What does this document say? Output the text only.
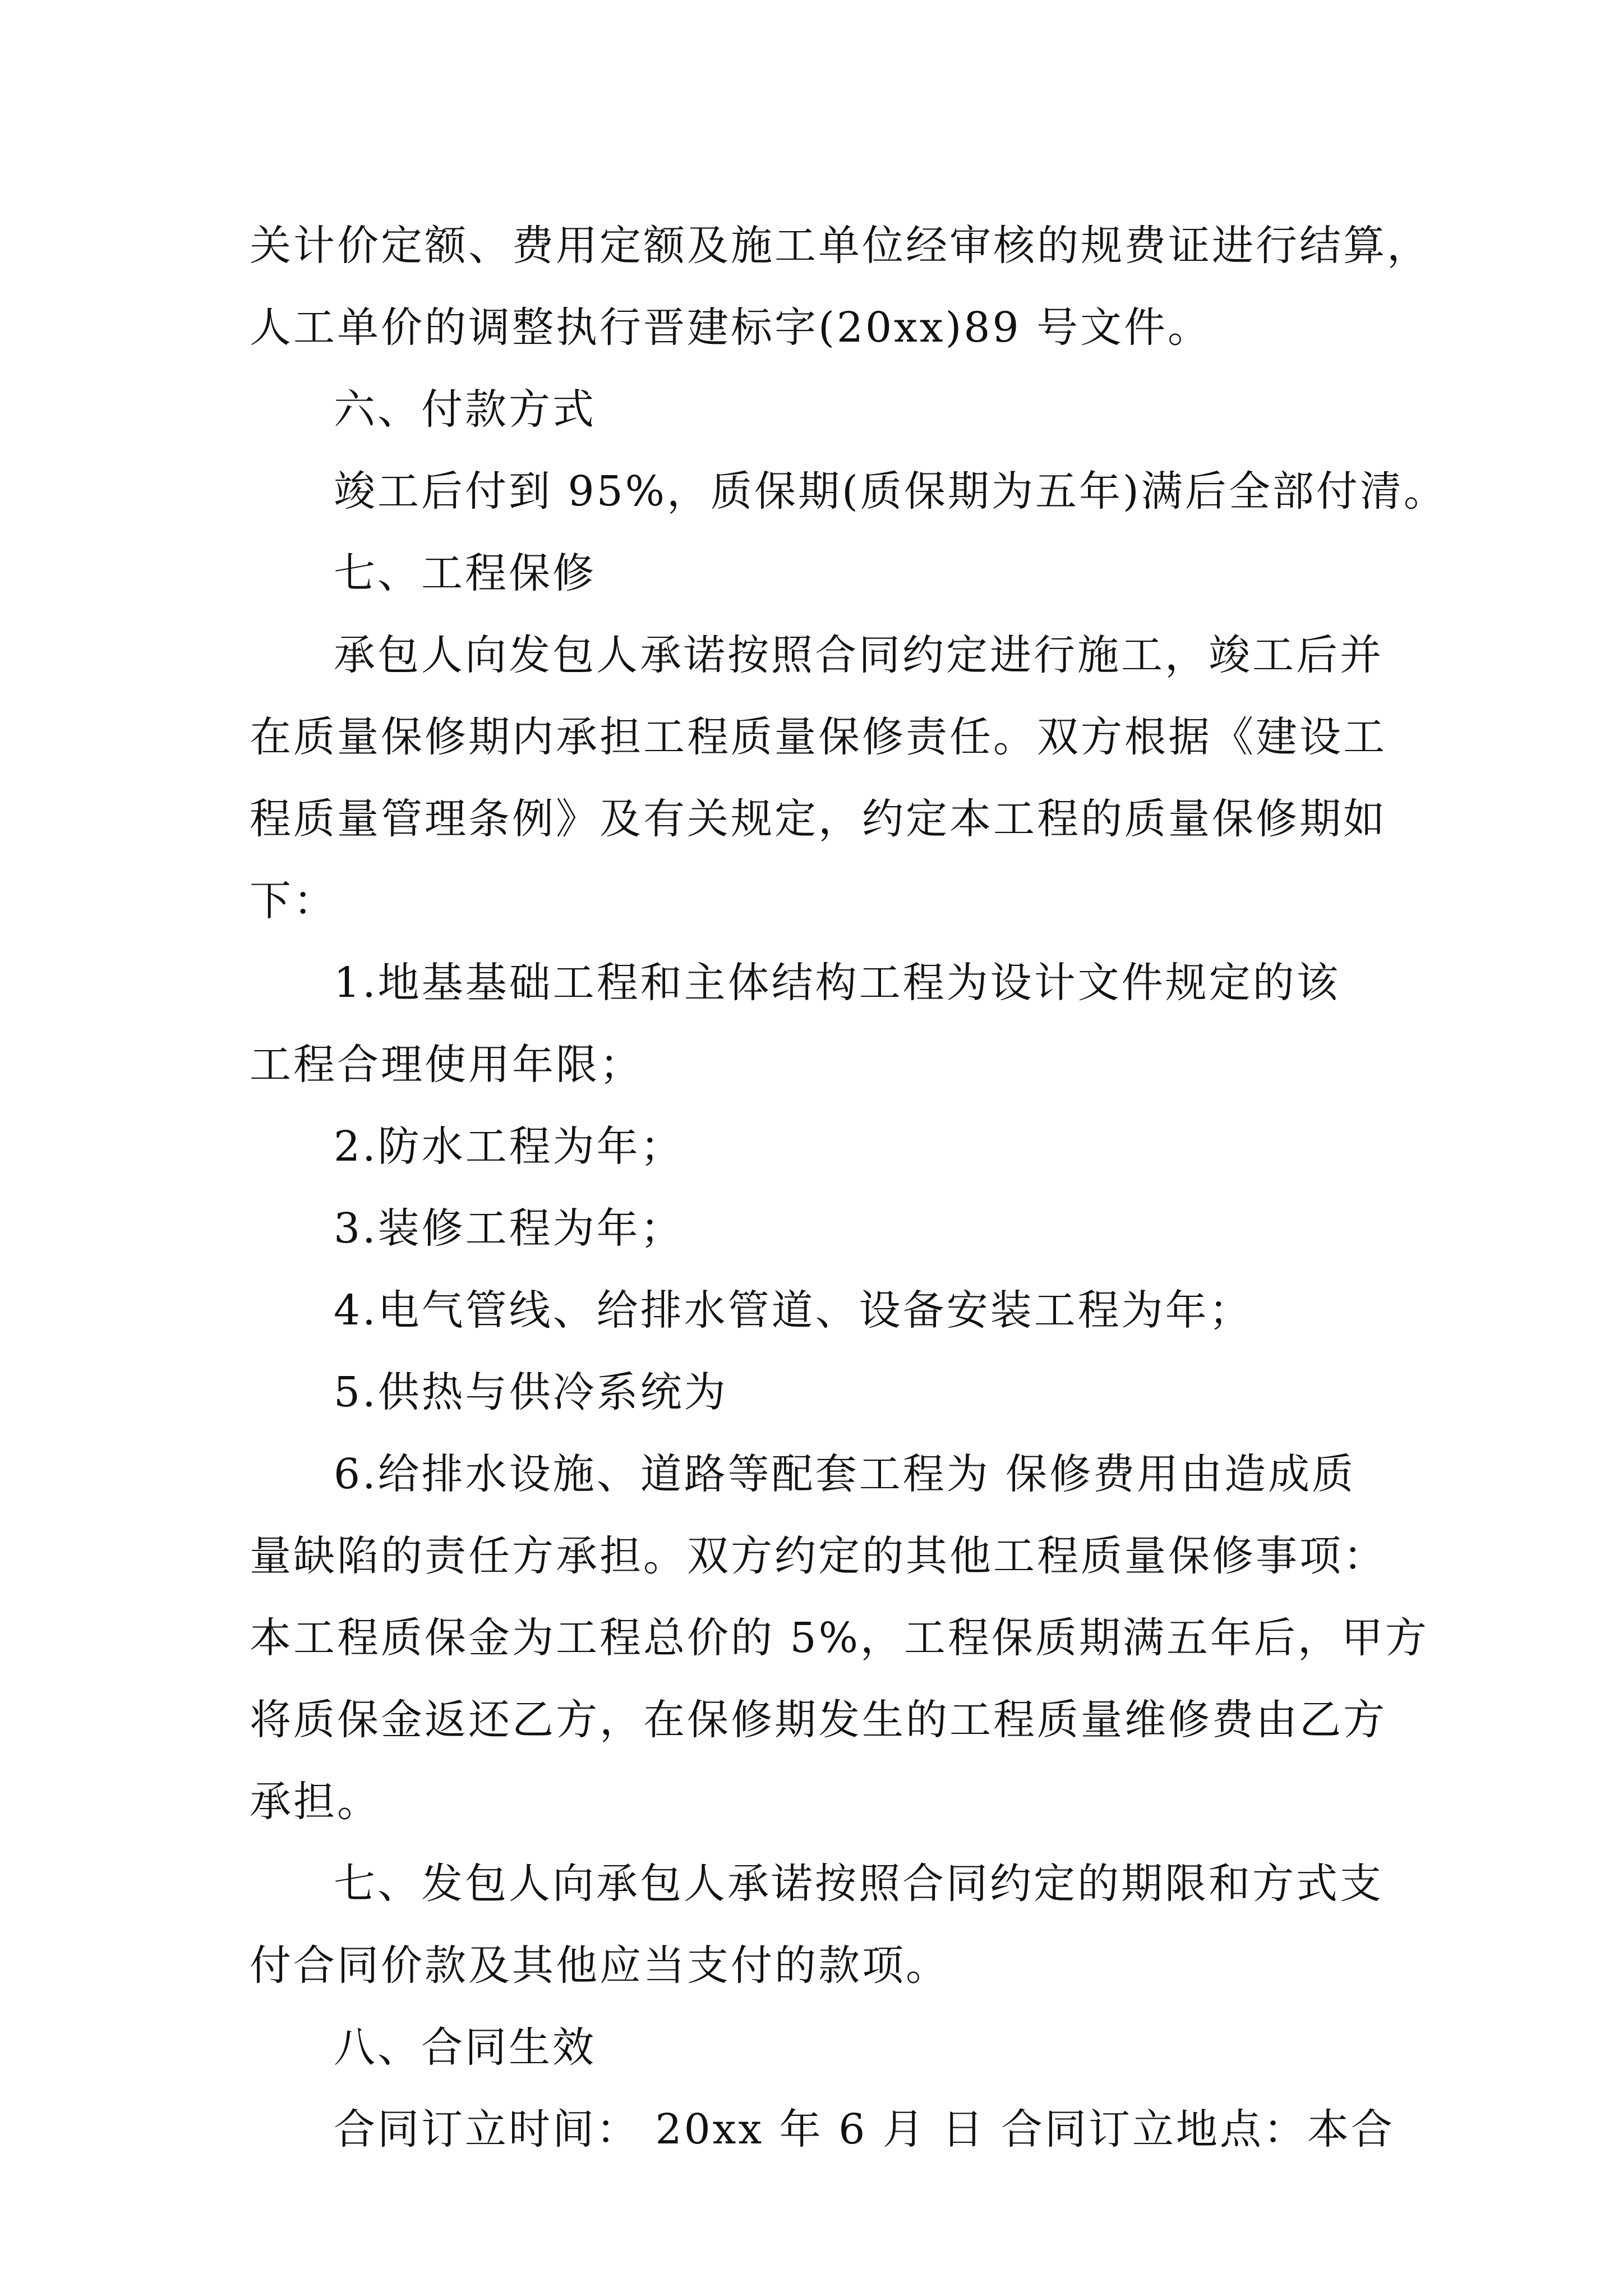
关计价定额、费用定额及施工单位经审核的规费证进行结算，
人工单价的调整执行晋建标字(20xx)89 号文件。
六、付款方式
竣工后付到 95%，质保期(质保期为五年)满后全部付清。
七、工程保修
承包人向发包人承诺按照合同约定进行施工，竣工后并
在质量保修期内承担工程质量保修责任。双方根据《建设工
程质量管理条例》及有关规定，约定本工程的质量保修期如
下：
1.地基基础工程和主体结构工程为设计文件规定的该
工程合理使用年限；
2.防水工程为年；
3.装修工程为年；
4.电气管线、给排水管道、设备安装工程为年；
5.供热与供冷系统为
6.给排水设施、道路等配套工程为 保修费用由造成质
量缺陷的责任方承担。双方约定的其他工程质量保修事项：
本工程质保金为工程总价的 5%，工程保质期满五年后，甲方
将质保金返还乙方，在保修期发生的工程质量维修费由乙方
承担。
七、发包人向承包人承诺按照合同约定的期限和方式支
付合同价款及其他应当支付的款项。
八、合同生效
合同订立时间： 20xx 年 6 月 日 合同订立地点：本合
